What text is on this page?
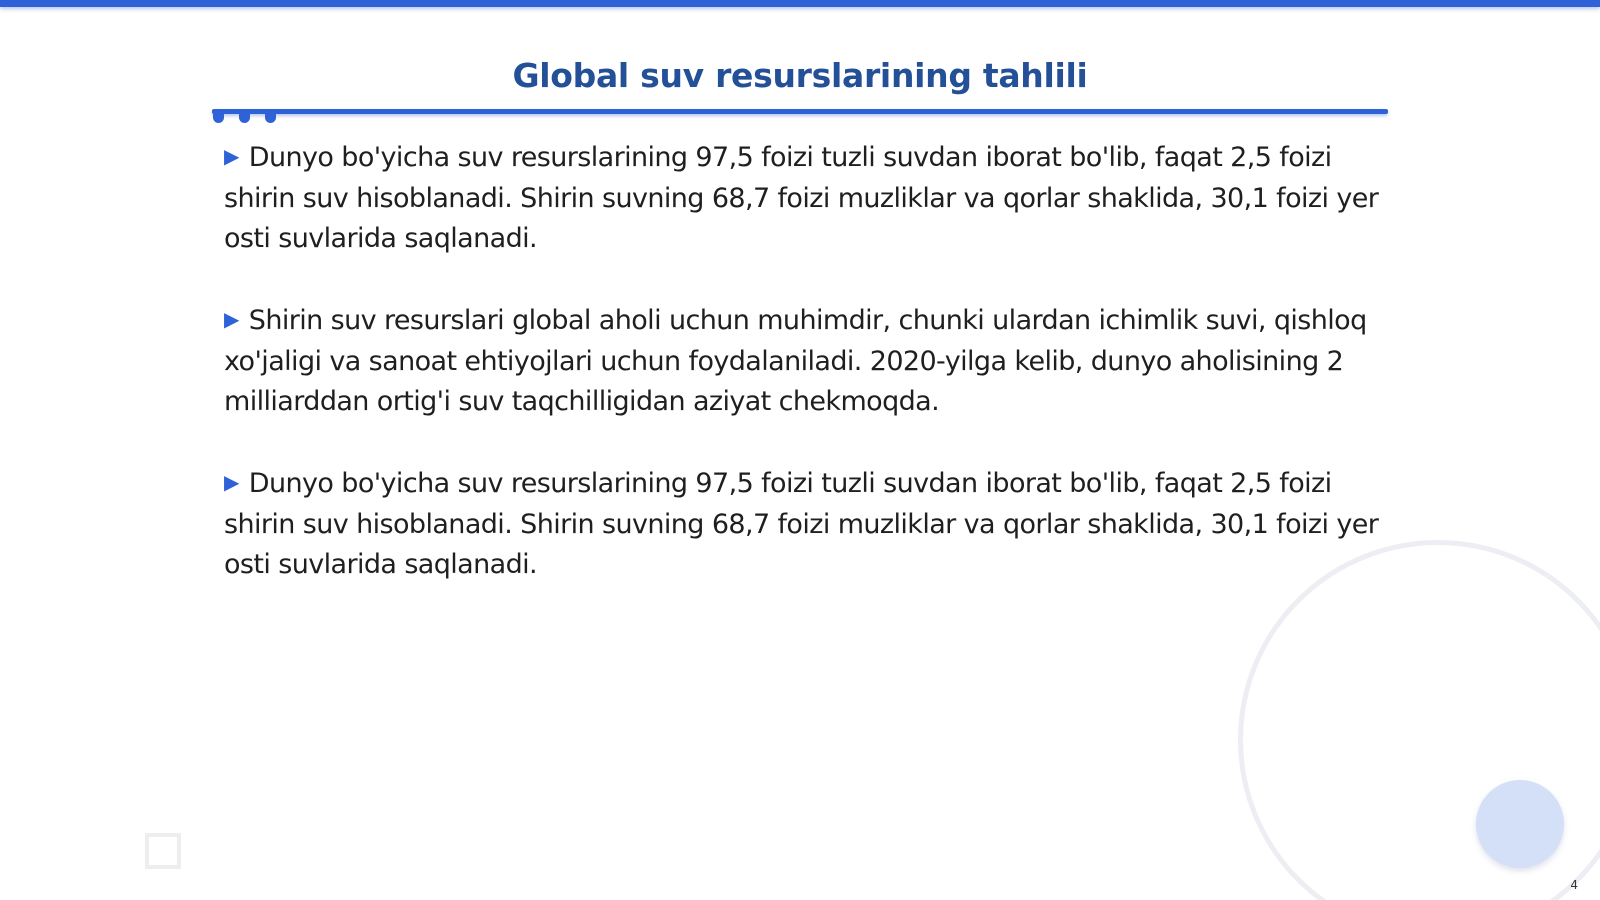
Global suv resurslarining tahlili

▶ Dunyo bo'yicha suv resurslarining 97,5 foizi tuzli suvdan iborat bo'lib, faqat 2,5 foizi shirin suv hisoblanadi. Shirin suvning 68,7 foizi muzliklar va qorlar shaklida, 30,1 foizi yer osti suvlarida saqlanadi.

▶ Shirin suv resurslari global aholi uchun muhimdir, chunki ulardan ichimlik suvi, qishloq xo'jaligi va sanoat ehtiyojlari uchun foydalaniladi. 2020-yilga kelib, dunyo aholisining 2 milliarddan ortig'i suv taqchilligidan aziyat chekmoqda.

▶ Dunyo bo'yicha suv resurslarining 97,5 foizi tuzli suvdan iborat bo'lib, faqat 2,5 foizi shirin suv hisoblanadi. Shirin suvning 68,7 foizi muzliklar va qorlar shaklida, 30,1 foizi yer osti suvlarida saqlanadi.

4
